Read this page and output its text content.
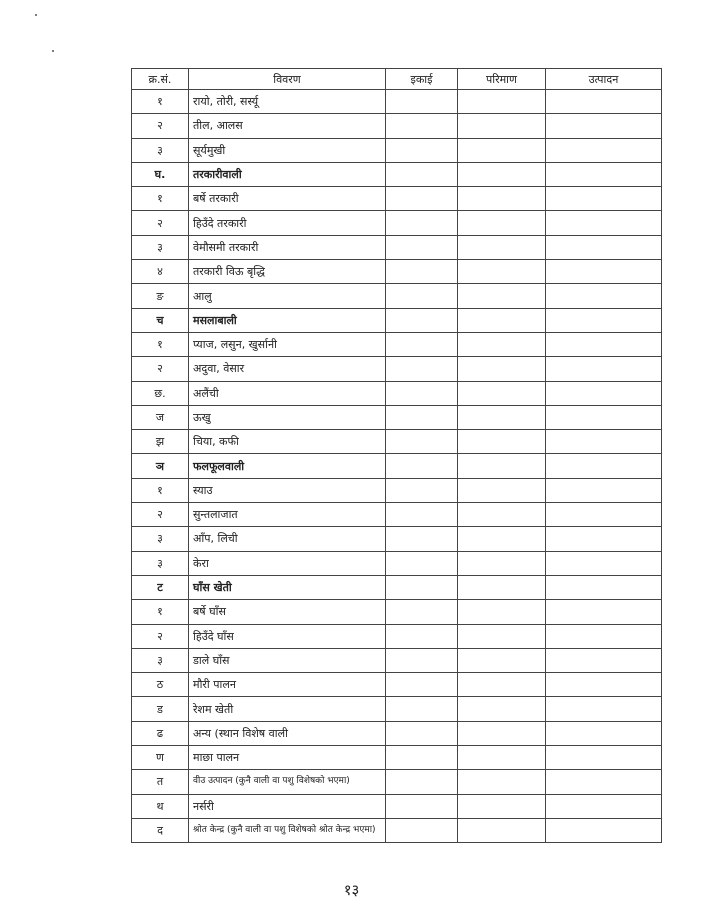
क्र.सं.	विवरण	इकाई	परिमाण	उत्पादन
१	रायो, तोरी, सर्स्यू			
२	तील, आलस			
३	सूर्यमुखी			
घ.	तरकारीवाली			
१	बर्षे तरकारी			
२	हिउँदे तरकारी			
३	वेमौसमी तरकारी			
४	तरकारी विऊ बृद्धि			
ङ	आलु			
च	मसलाबाली			
१	प्याज, लसुन, खुर्सानी			
२	अदुवा, वेसार			
छ.	अलैंची			
ज	ऊखु			
झ	चिया, कफी			
ञ	फलफूलवाली			
१	स्याउ			
२	सुन्तलाजात			
३	आँप, लिची			
३	केरा			
ट	घाँस खेती			
१	बर्षे घाँस			
२	हिउँदे घाँस			
३	डाले घाँस			
ठ	मौरी पालन			
ड	रेशम खेती			
ढ	अन्य (स्थान विशेष वाली			
ण	माछा पालन			
त	वीउ उत्पादन (कुनै वाली वा पशु विशेषको भएमा)			
थ	नर्सरी			
द	श्रोत केन्द्र (कुनै वाली वा पशु विशेषको श्रोत केन्द्र भएमा)			
१३
